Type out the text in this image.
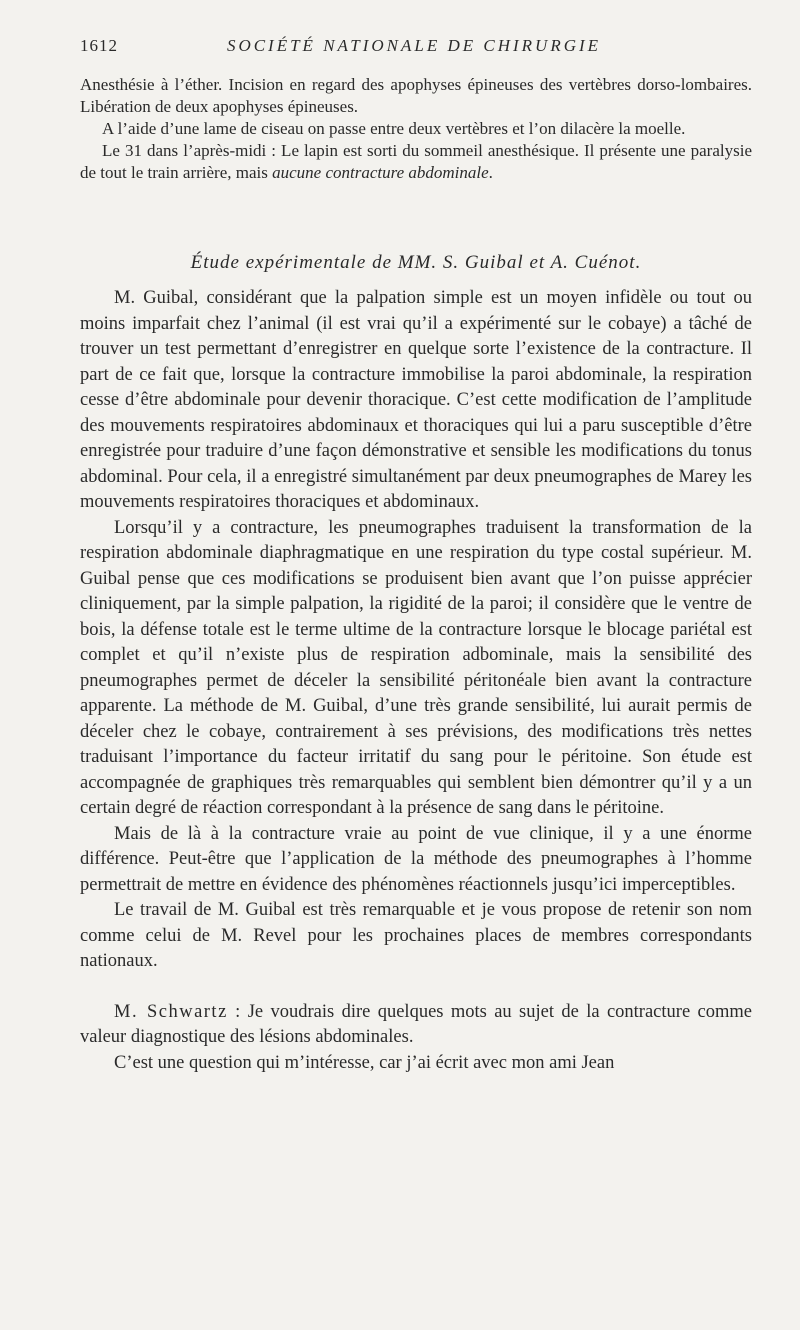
1612	SOCIÉTÉ NATIONALE DE CHIRURGIE

Anesthésie à l’éther. Incision en regard des apophyses épineuses des vertèbres dorso-lombaires. Libération de deux apophyses épineuses.

A l’aide d’une lame de ciseau on passe entre deux vertèbres et l’on dilacère la moelle.

Le 31 dans l’après-midi : Le lapin est sorti du sommeil anesthésique. Il présente une paralysie de tout le train arrière, mais aucune contracture abdominale.

Étude expérimentale de MM. S. Guibal et A. Cuénot.

M. Guibal, considérant que la palpation simple est un moyen infidèle ou tout ou moins imparfait chez l’animal (il est vrai qu’il a expérimenté sur le cobaye) a tâché de trouver un test permettant d’enregistrer en quelque sorte l’existence de la contracture. Il part de ce fait que, lorsque la contracture immobilise la paroi abdominale, la respiration cesse d’être abdominale pour devenir thoracique. C’est cette modification de l’amplitude des mouvements respiratoires abdominaux et thoraciques qui lui a paru susceptible d’être enregistrée pour traduire d’une façon démonstrative et sensible les modifications du tonus abdominal. Pour cela, il a enregistré simultanément par deux pneumographes de Marey les mouvements respiratoires thoraciques et abdominaux.

Lorsqu’il y a contracture, les pneumographes traduisent la transformation de la respiration abdominale diaphragmatique en une respiration du type costal supérieur. M. Guibal pense que ces modifications se produisent bien avant que l’on puisse apprécier cliniquement, par la simple palpation, la rigidité de la paroi; il considère que le ventre de bois, la défense totale est le terme ultime de la contracture lorsque le blocage pariétal est complet et qu’il n’existe plus de respiration adbominale, mais la sensibilité des pneumographes permet de déceler la sensibilité péritonéale bien avant la contracture apparente. La méthode de M. Guibal, d’une très grande sensibilité, lui aurait permis de déceler chez le cobaye, contrairement à ses prévisions, des modifications très nettes traduisant l’importance du facteur irritatif du sang pour le péritoine. Son étude est accompagnée de graphiques très remarquables qui semblent bien démontrer qu’il y a un certain degré de réaction correspondant à la présence de sang dans le péritoine.

Mais de là à la contracture vraie au point de vue clinique, il y a une énorme différence. Peut-être que l’application de la méthode des pneumographes à l’homme permettrait de mettre en évidence des phénomènes réactionnels jusqu’ici imperceptibles.

Le travail de M. Guibal est très remarquable et je vous propose de retenir son nom comme celui de M. Revel pour les prochaines places de membres correspondants nationaux.

M. Schwartz : Je voudrais dire quelques mots au sujet de la contracture comme valeur diagnostique des lésions abdominales.

C’est une question qui m’intéresse, car j’ai écrit avec mon ami Jean
